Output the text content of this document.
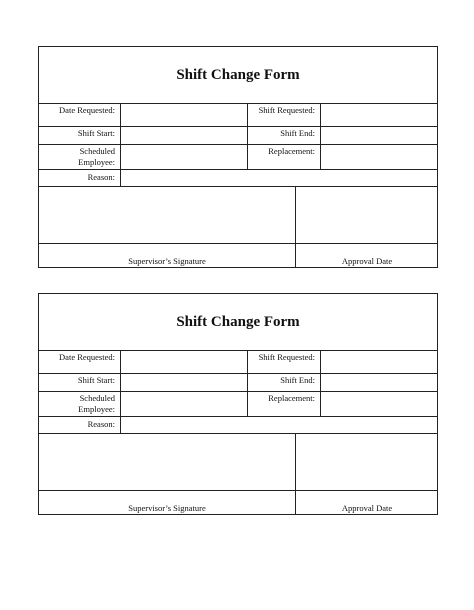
Shift Change Form
Date Requested:	Shift Requested:
Shift Start:	Shift End:
Scheduled
Employee:
Replacement:
Reason:
Supervisor’s Signature	Approval Date
Shift Change Form
Date Requested:	Shift Requested:
Shift Start:	Shift End:
Scheduled
Employee:
Replacement:
Reason:
Supervisor’s Signature	Approval Date
